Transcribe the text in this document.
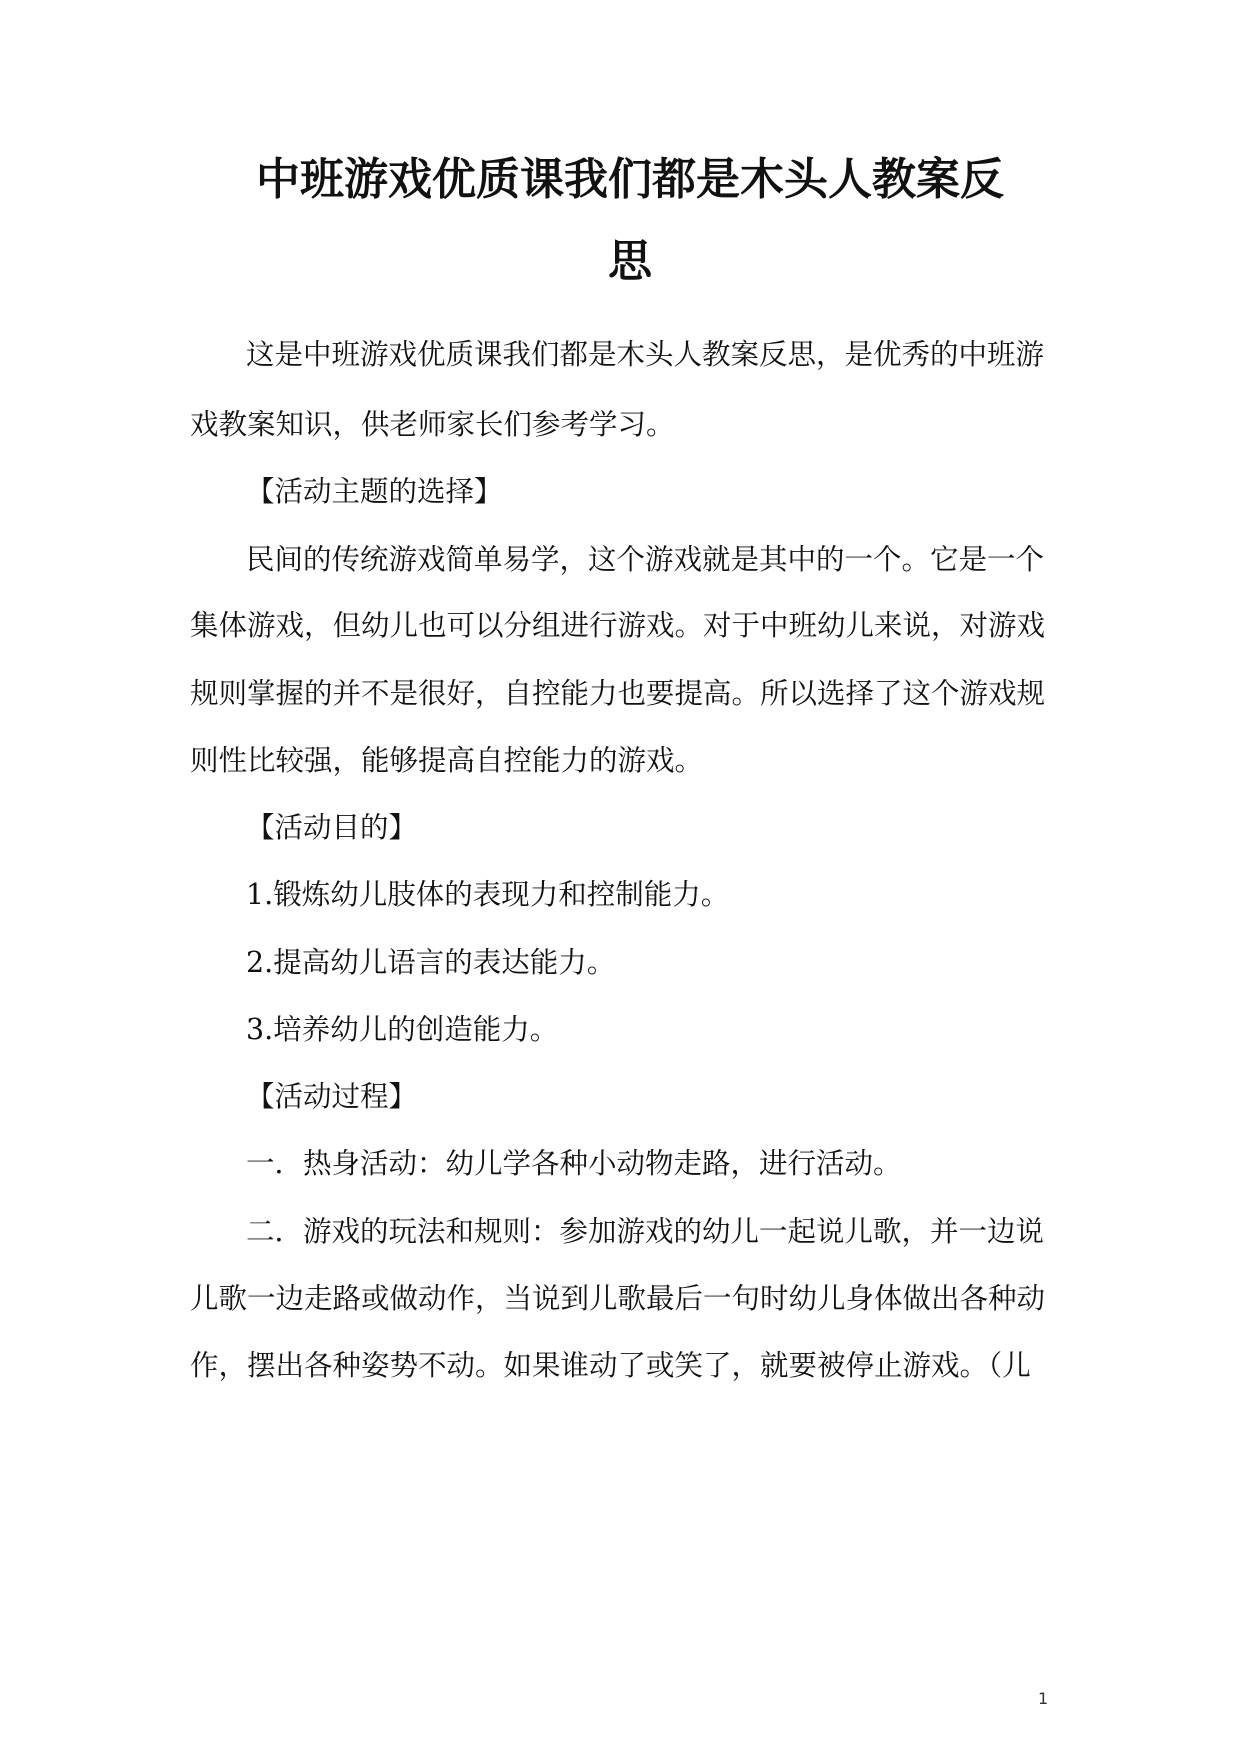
中班游戏优质课我们都是木头人教案反
思
这是中班游戏优质课我们都是木头人教案反思，是优秀的中班游
戏教案知识，供老师家长们参考学习。
【活动主题的选择】
民间的传统游戏简单易学，这个游戏就是其中的一个。它是一个
集体游戏，但幼儿也可以分组进行游戏。对于中班幼儿来说，对游戏
规则掌握的并不是很好，自控能力也要提高。所以选择了这个游戏规
则性比较强，能够提高自控能力的游戏。
【活动目的】
1.锻炼幼儿肢体的表现力和控制能力。
2.提高幼儿语言的表达能力。
3.培养幼儿的创造能力。
【活动过程】
一．热身活动：幼儿学各种小动物走路，进行活动。
二．游戏的玩法和规则：参加游戏的幼儿一起说儿歌，并一边说
儿歌一边走路或做动作，当说到儿歌最后一句时幼儿身体做出各种动
作，摆出各种姿势不动。如果谁动了或笑了，就要被停止游戏。（儿
1
